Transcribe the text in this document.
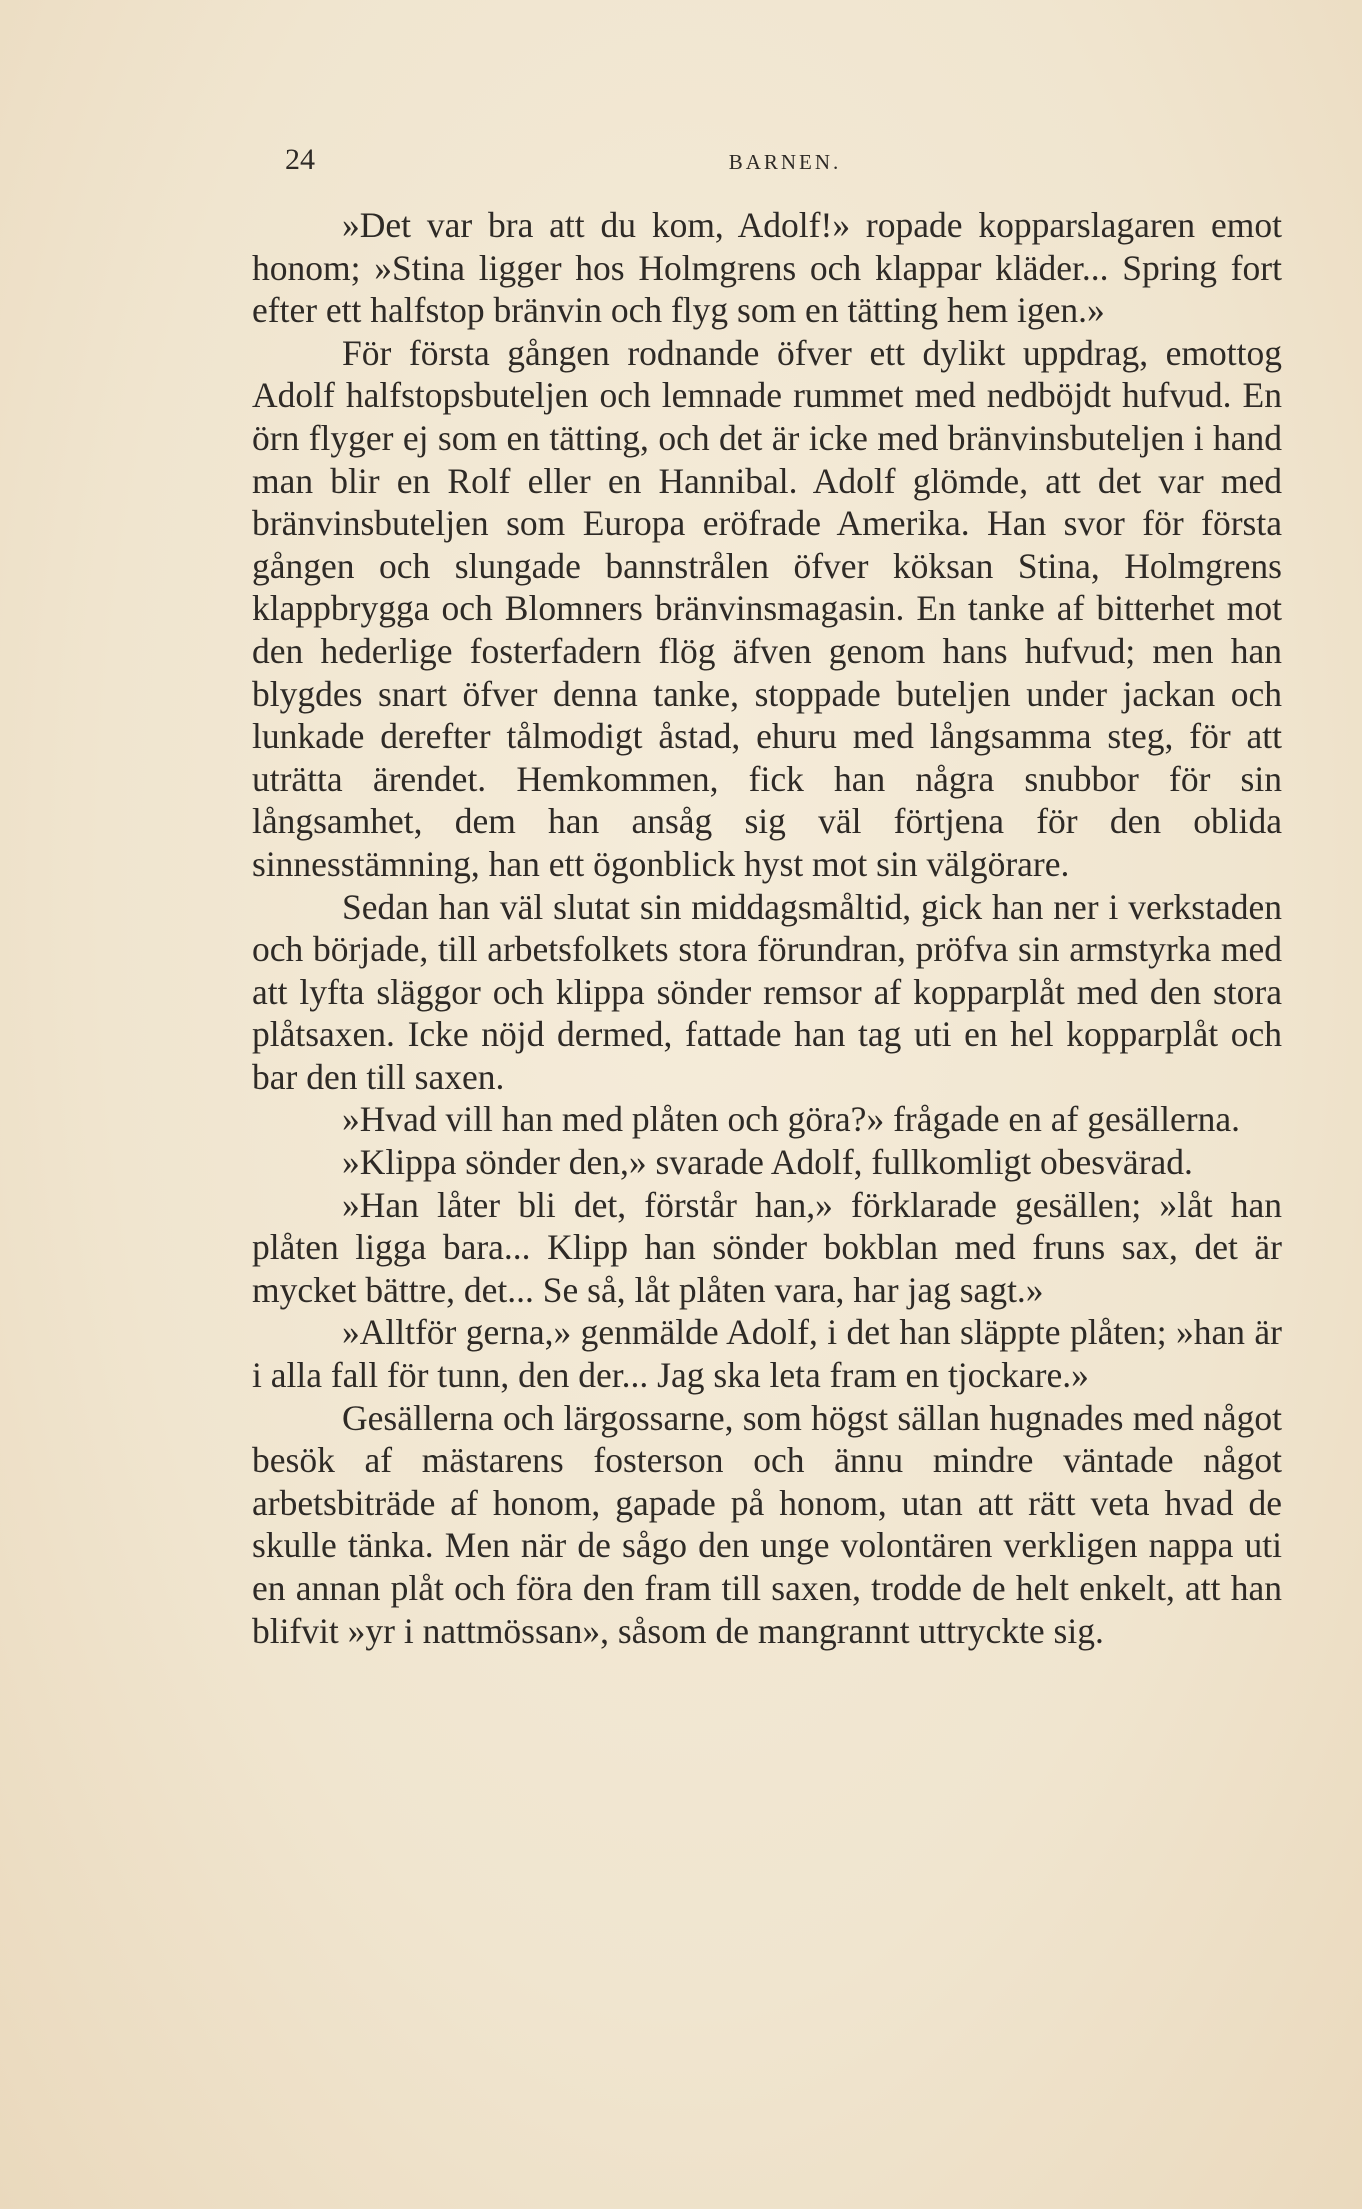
24	BARNEN.

»Det var bra att du kom, Adolf!» ropade kopparslagaren emot honom; »Stina ligger hos Holmgrens och klappar kläder... Spring fort efter ett halfstop bränvin och flyg som en tätting hem igen.»

För första gången rodnande öfver ett dylikt uppdrag, emottog Adolf halfstopsbuteljen och lemnade rummet med nedböjdt hufvud. En örn flyger ej som en tätting, och det är icke med bränvinsbuteljen i hand man blir en Rolf eller en Hannibal. Adolf glömde, att det var med bränvinsbuteljen som Europa eröfrade Amerika. Han svor för första gången och slungade bannstrålen öfver köksan Stina, Holmgrens klappbrygga och Blomners bränvinsmagasin. En tanke af bitterhet mot den hederlige fosterfadern flög äfven genom hans hufvud; men han blygdes snart öfver denna tanke, stoppade buteljen under jackan och lunkade derefter tålmodigt åstad, ehuru med långsamma steg, för att uträtta ärendet. Hemkommen, fick han några snubbor för sin långsamhet, dem han ansåg sig väl förtjena för den oblida sinnesstämning, han ett ögonblick hyst mot sin välgörare.

Sedan han väl slutat sin middagsmåltid, gick han ner i verkstaden och började, till arbetsfolkets stora förundran, pröfva sin armstyrka med att lyfta släggor och klippa sönder remsor af kopparplåt med den stora plåtsaxen. Icke nöjd dermed, fattade han tag uti en hel kopparplåt och bar den till saxen.

»Hvad vill han med plåten och göra?» frågade en af gesällerna.

»Klippa sönder den,» svarade Adolf, fullkomligt obesvärad.

»Han låter bli det, förstår han,» förklarade gesällen; »låt han plåten ligga bara... Klipp han sönder bokblan med fruns sax, det är mycket bättre, det... Se så, låt plåten vara, har jag sagt.»

»Alltför gerna,» genmälde Adolf, i det han släppte plåten; »han är i alla fall för tunn, den der... Jag ska leta fram en tjockare.»

Gesällerna och lärgossarne, som högst sällan hugnades med något besök af mästarens fosterson och ännu mindre väntade något arbetsbiträde af honom, gapade på honom, utan att rätt veta hvad de skulle tänka. Men när de sågo den unge volontären verkligen nappa uti en annan plåt och föra den fram till saxen, trodde de helt enkelt, att han blifvit »yr i nattmössan», såsom de mangrannt uttryckte sig.
